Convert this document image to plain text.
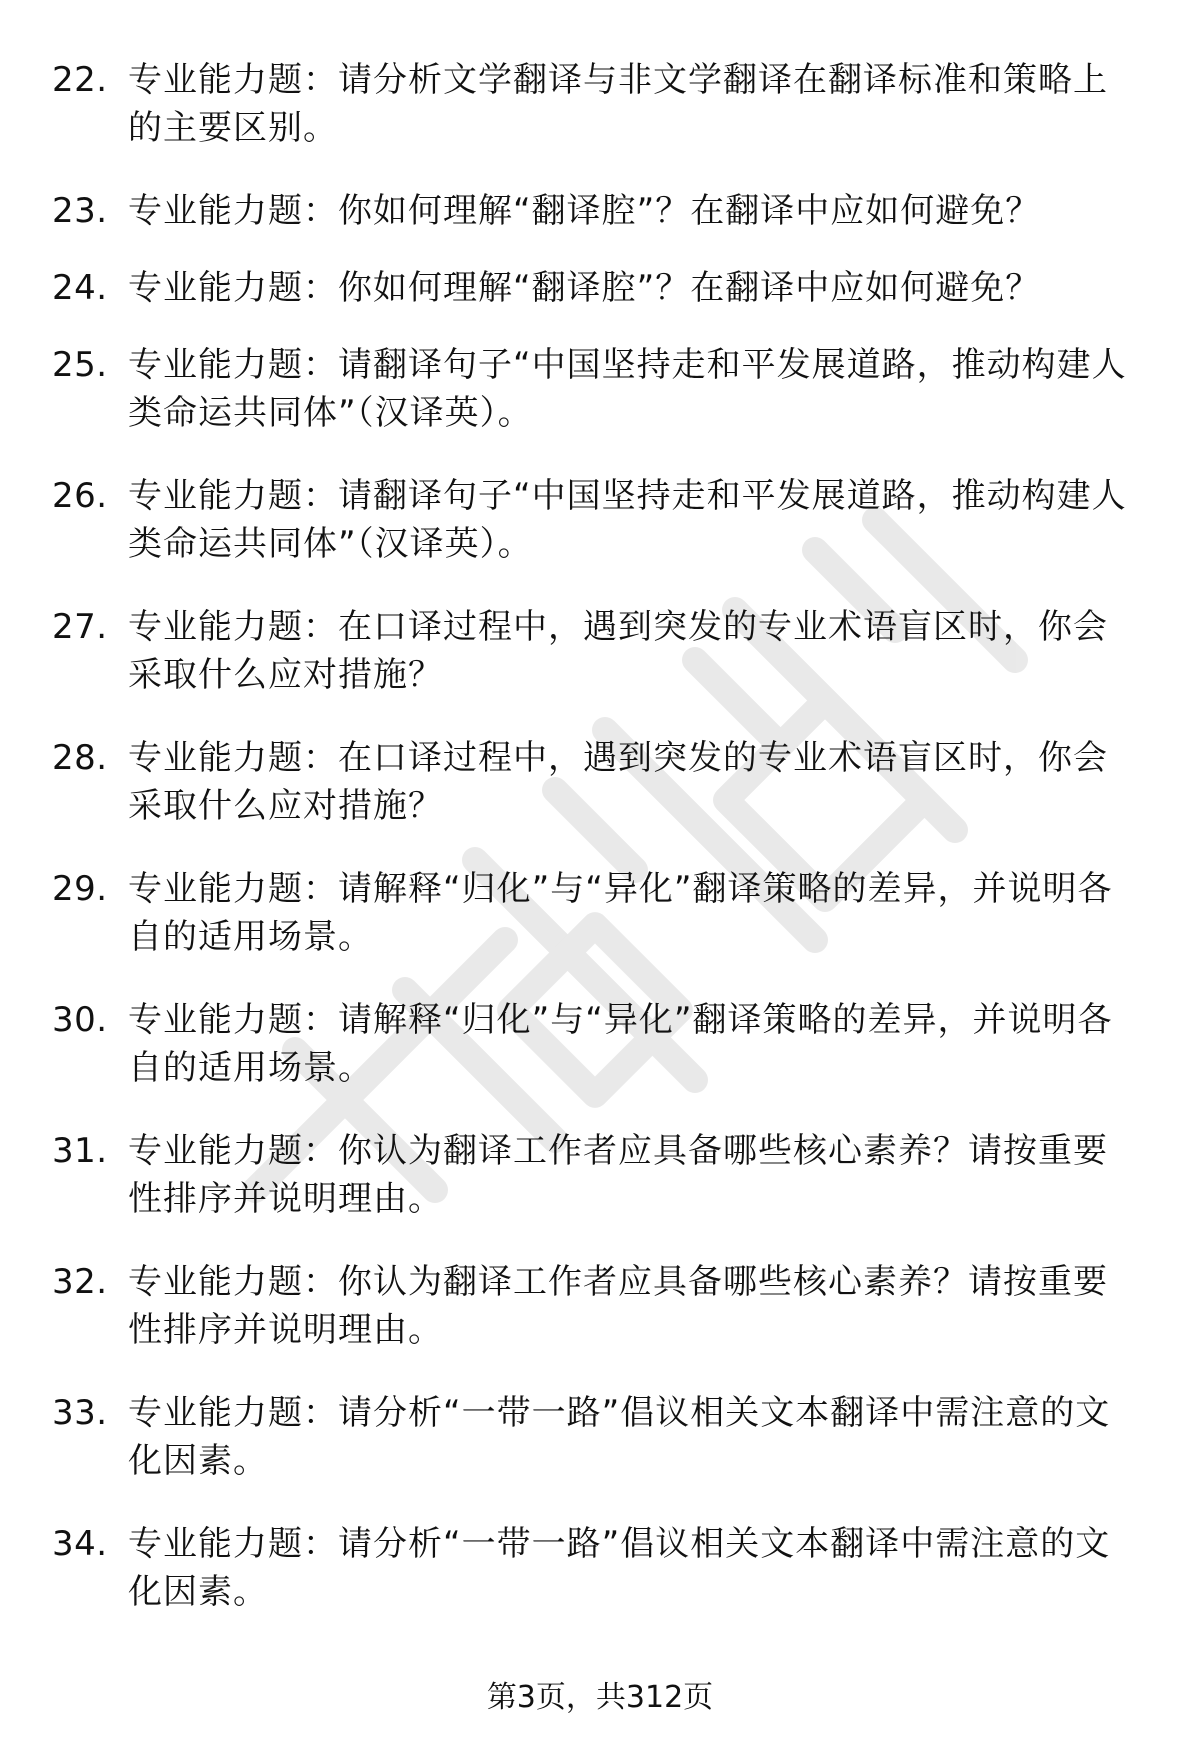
22. 专业能力题：请分析文学翻译与非文学翻译在翻译标准和策略上的主要区别。
23. 专业能力题：你如何理解“翻译腔”？在翻译中应如何避免？
24. 专业能力题：你如何理解“翻译腔”？在翻译中应如何避免？
25. 专业能力题：请翻译句子“中国坚持走和平发展道路，推动构建人类命运共同体”（汉译英）。
26. 专业能力题：请翻译句子“中国坚持走和平发展道路，推动构建人类命运共同体”（汉译英）。
27. 专业能力题：在口译过程中，遇到突发的专业术语盲区时，你会采取什么应对措施？
28. 专业能力题：在口译过程中，遇到突发的专业术语盲区时，你会采取什么应对措施？
29. 专业能力题：请解释“归化”与“异化”翻译策略的差异，并说明各自的适用场景。
30. 专业能力题：请解释“归化”与“异化”翻译策略的差异，并说明各自的适用场景。
31. 专业能力题：你认为翻译工作者应具备哪些核心素养？请按重要性排序并说明理由。
32. 专业能力题：你认为翻译工作者应具备哪些核心素养？请按重要性排序并说明理由。
33. 专业能力题：请分析“一带一路”倡议相关文本翻译中需注意的文化因素。
34. 专业能力题：请分析“一带一路”倡议相关文本翻译中需注意的文化因素。
第3页，共312页
